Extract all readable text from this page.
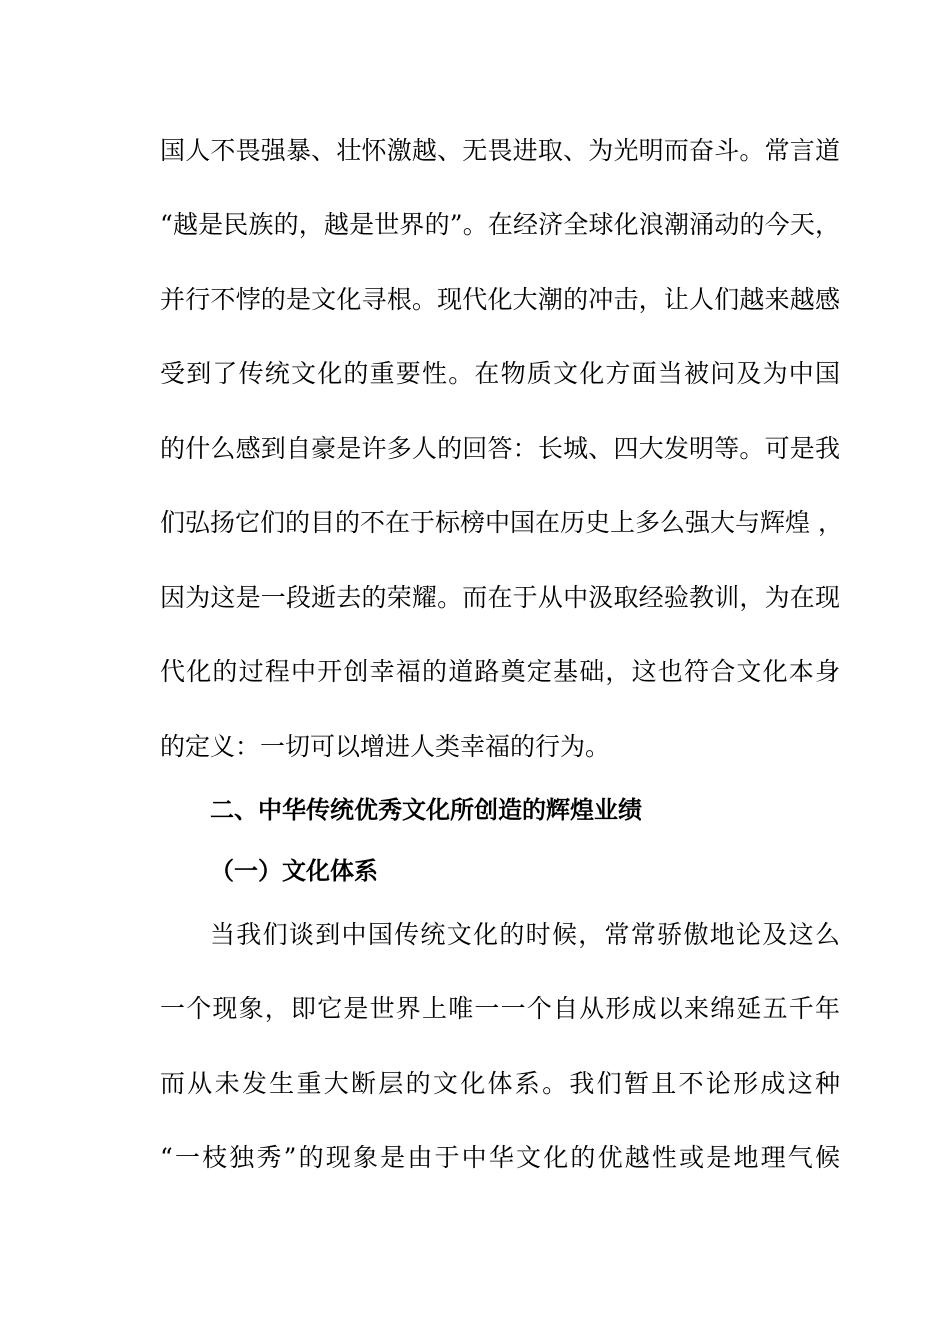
国人不畏强暴、壮怀激越、无畏进取、为光明而奋斗。常言道
“越是民族的，越是世界的”。在经济全球化浪潮涌动的今天，
并行不悖的是文化寻根。现代化大潮的冲击，让人们越来越感
受到了传统文化的重要性。在物质文化方面当被问及为中国
的什么感到自豪是许多人的回答：长城、四大发明等。可是我
们弘扬它们的目的不在于标榜中国在历史上多么强大与辉煌 ，
因为这是一段逝去的荣耀。而在于从中汲取经验教训，为在现
代化的过程中开创幸福的道路奠定基础，这也符合文化本身
的定义：一切可以增进人类幸福的行为。
二、中华传统优秀文化所创造的辉煌业绩
（一）文化体系
当我们谈到中国传统文化的时候，常常骄傲地论及这么
一个现象，即它是世界上唯一一个自从形成以来绵延五千年
而从未发生重大断层的文化体系。我们暂且不论形成这种
“一枝独秀”的现象是由于中华文化的优越性或是地理气候
